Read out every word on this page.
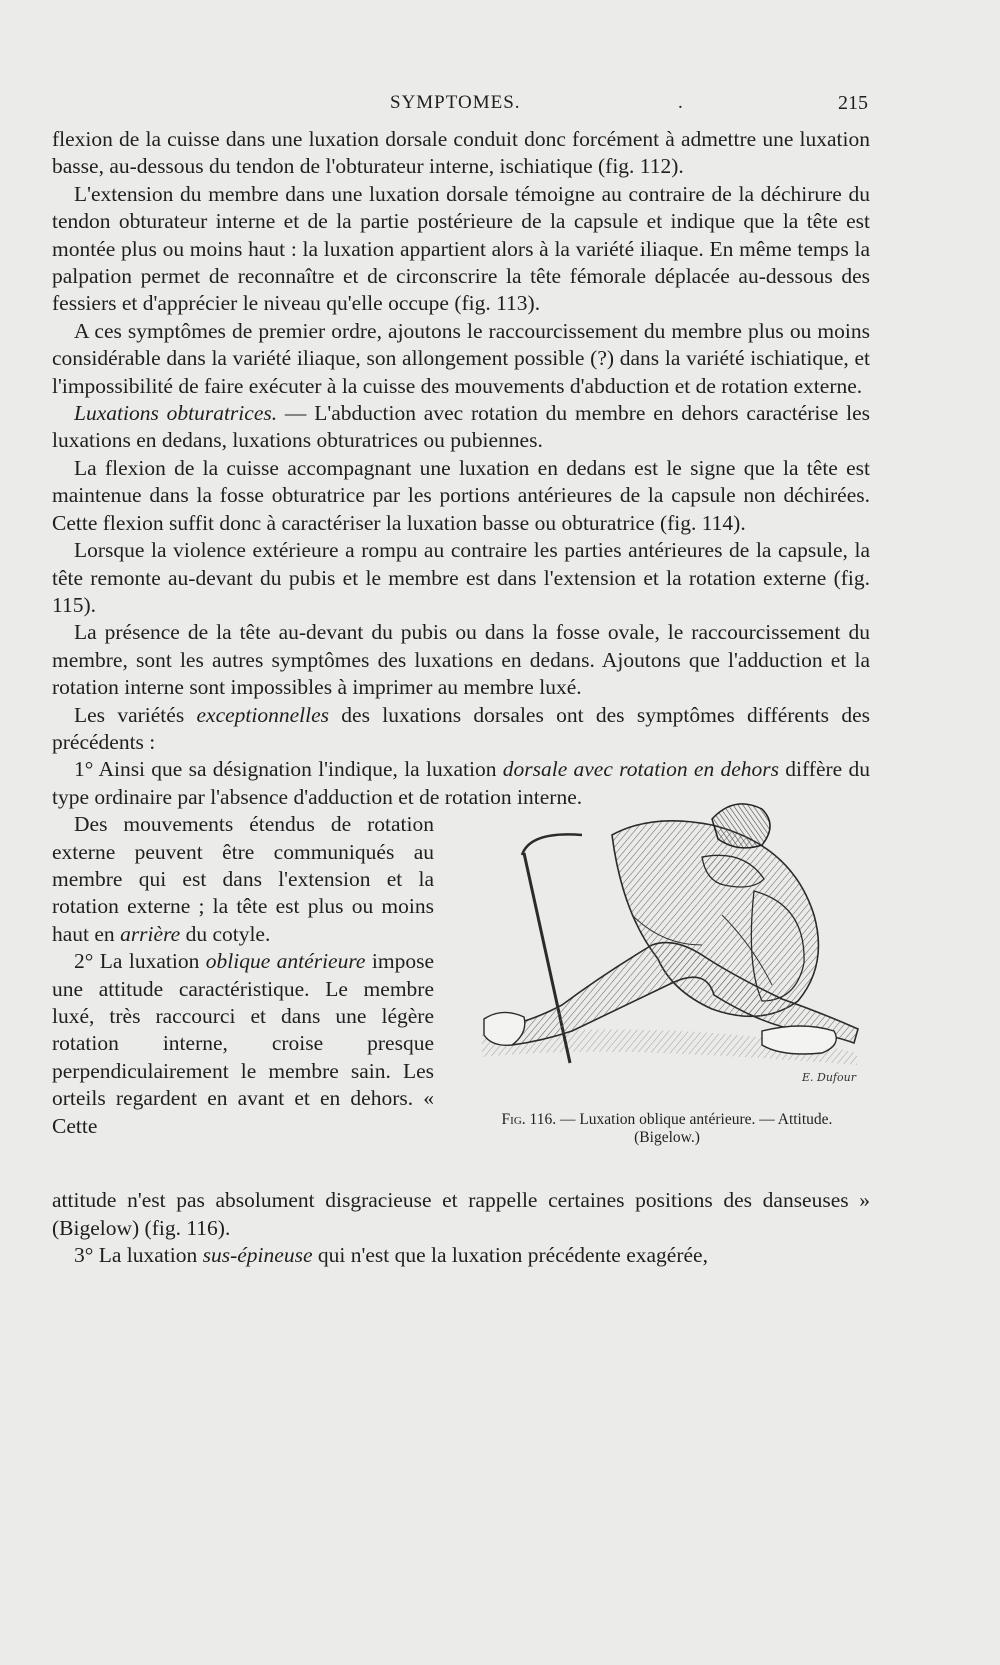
SYMPTOMES.	.	215

flexion de la cuisse dans une luxation dorsale conduit donc forcément à admettre une luxation basse, au-dessous du tendon de l'obturateur interne, ischiatique (fig. 112).

L'extension du membre dans une luxation dorsale témoigne au contraire de la déchirure du tendon obturateur interne et de la partie postérieure de la capsule et indique que la tête est montée plus ou moins haut : la luxation appartient alors à la variété iliaque. En même temps la palpation permet de reconnaître et de circonscrire la tête fémorale déplacée au-dessous des fessiers et d'apprécier le niveau qu'elle occupe (fig. 113).

A ces symptômes de premier ordre, ajoutons le raccourcissement du membre plus ou moins considérable dans la variété iliaque, son allongement possible (?) dans la variété ischiatique, et l'impossibilité de faire exécuter à la cuisse des mouvements d'abduction et de rotation externe.

Luxations obturatrices. — L'abduction avec rotation du membre en dehors caractérise les luxations en dedans, luxations obturatrices ou pubiennes.

La flexion de la cuisse accompagnant une luxation en dedans est le signe que la tête est maintenue dans la fosse obturatrice par les portions antérieures de la capsule non déchirées. Cette flexion suffit donc à caractériser la luxation basse ou obturatrice (fig. 114).

Lorsque la violence extérieure a rompu au contraire les parties antérieures de la capsule, la tête remonte au-devant du pubis et le membre est dans l'extension et la rotation externe (fig. 115).

La présence de la tête au-devant du pubis ou dans la fosse ovale, le raccourcissement du membre, sont les autres symptômes des luxations en dedans. Ajoutons que l'adduction et la rotation interne sont impossibles à imprimer au membre luxé.

Les variétés exceptionnelles des luxations dorsales ont des symptômes différents des précédents :

1° Ainsi que sa désignation l'indique, la luxation dorsale avec rotation en dehors diffère du type ordinaire par l'absence d'adduction et de rotation interne.

Des mouvements étendus de rotation externe peuvent être communiqués au membre qui est dans l'extension et la rotation externe ; la tête est plus ou moins haut en arrière du cotyle.

2° La luxation oblique antérieure impose une attitude caractéristique. Le membre luxé, très raccourci et dans une légère rotation interne, croise presque perpendiculairement le membre sain. Les orteils regardent en avant et en dehors. « Cette

E. Dufour
Fig. 116. — Luxation oblique antérieure. — Attitude.
(Bigelow.)

attitude n'est pas absolument disgracieuse et rappelle certaines positions des danseuses » (Bigelow) (fig. 116).

3° La luxation sus-épineuse qui n'est que la luxation précédente exagérée,
